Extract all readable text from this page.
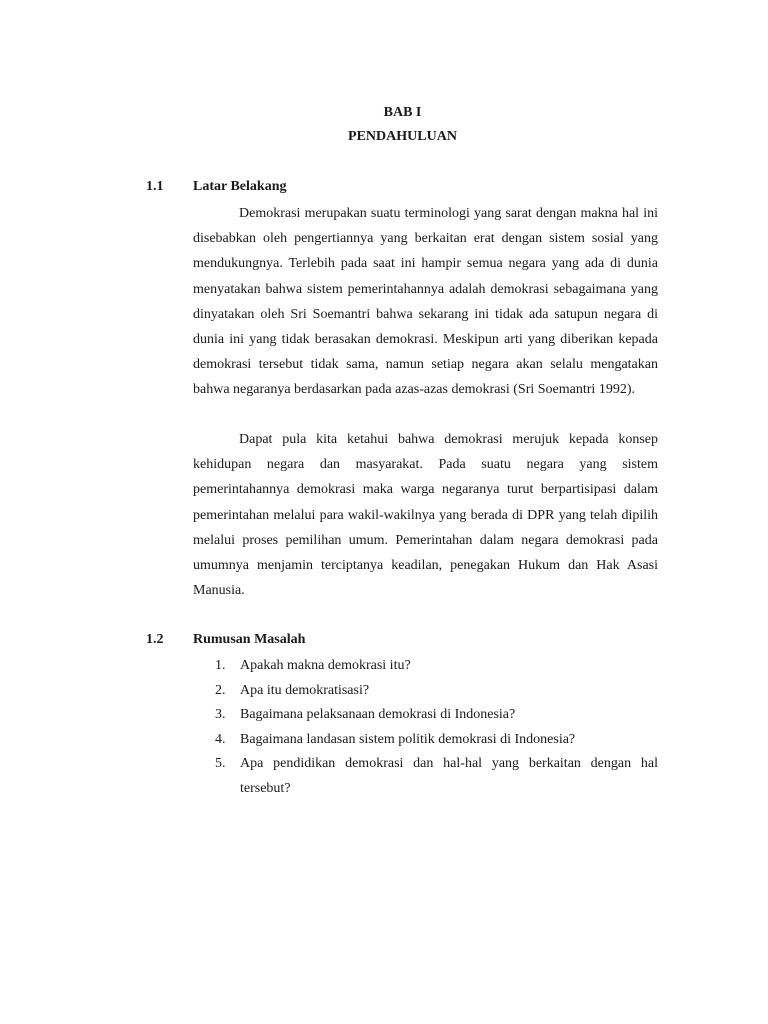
BAB I
PENDAHULUAN
1.1 Latar Belakang

Demokrasi merupakan suatu terminologi yang sarat dengan makna hal ini disebabkan oleh pengertiannya yang berkaitan erat dengan sistem sosial yang mendukungnya. Terlebih pada saat ini hampir semua negara yang ada di dunia menyatakan bahwa sistem pemerintahannya adalah demokrasi sebagaimana yang dinyatakan oleh Sri Soemantri bahwa sekarang ini tidak ada satupun negara di dunia ini yang tidak berasakan demokrasi. Meskipun arti yang diberikan kepada demokrasi tersebut tidak sama, namun setiap negara akan selalu mengatakan bahwa negaranya berdasarkan pada azas-azas demokrasi (Sri Soemantri 1992).

Dapat pula kita ketahui bahwa demokrasi merujuk kepada konsep kehidupan negara dan masyarakat. Pada suatu negara yang sistem pemerintahannya demokrasi maka warga negaranya turut berpartisipasi dalam pemerintahan melalui para wakil-wakilnya yang berada di DPR yang telah dipilih melalui proses pemilihan umum. Pemerintahan dalam negara demokrasi pada umumnya menjamin terciptanya keadilan, penegakan Hukum dan Hak Asasi Manusia.

1.2 Rumusan Masalah
1. Apakah makna demokrasi itu?
2. Apa itu demokratisasi?
3. Bagaimana pelaksanaan demokrasi di Indonesia?
4. Bagaimana landasan sistem politik demokrasi di Indonesia?
5. Apa pendidikan demokrasi dan hal-hal yang berkaitan dengan hal tersebut?
